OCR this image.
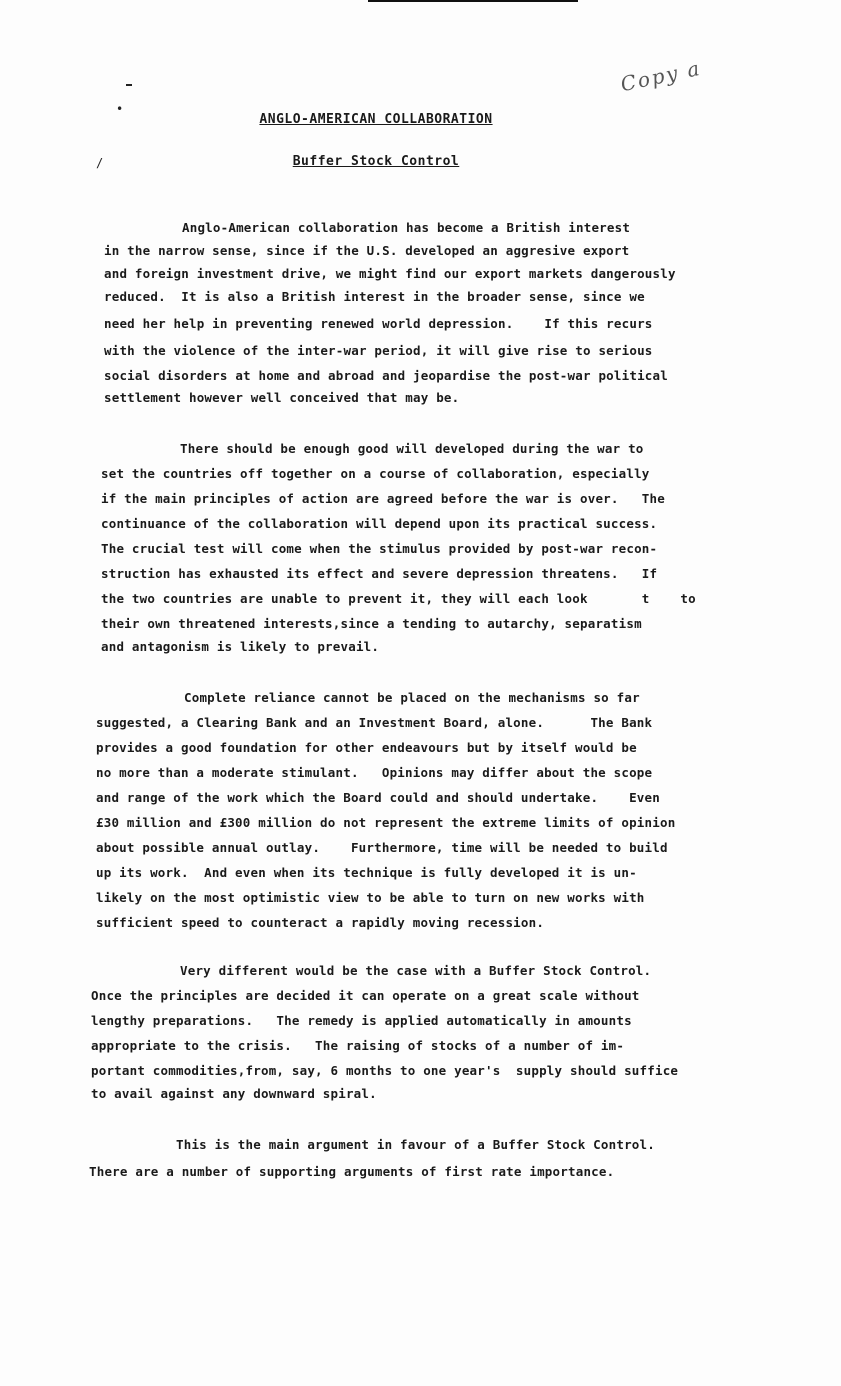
Copy a
•
/
ANGLO-AMERICAN COLLABORATION
Buffer Stock Control
Anglo-American collaboration has become a British interest
in the narrow sense, since if the U.S. developed an aggresive export
and foreign investment drive, we might find our export markets dangerously
reduced.  It is also a British interest in the broader sense, since we
need her help in preventing renewed world depression.    If this recurs
with the violence of the inter-war period, it will give rise to serious
social disorders at home and abroad and jeopardise the post-war political
settlement however well conceived that may be.
There should be enough good will developed during the war to
set the countries off together on a course of collaboration, especially
if the main principles of action are agreed before the war is over.   The
continuance of the collaboration will depend upon its practical success.
The crucial test will come when the stimulus provided by post-war recon-
struction has exhausted its effect and severe depression threatens.   If
the two countries are unable to prevent it, they will each look       t    to
their own threatened interests,since a tending to autarchy, separatism
and antagonism is likely to prevail.
Complete reliance cannot be placed on the mechanisms so far
suggested, a Clearing Bank and an Investment Board, alone.      The Bank
provides a good foundation for other endeavours but by itself would be
no more than a moderate stimulant.   Opinions may differ about the scope
and range of the work which the Board could and should undertake.    Even
£30 million and £300 million do not represent the extreme limits of opinion
about possible annual outlay.    Furthermore, time will be needed to build
up its work.  And even when its technique is fully developed it is un-
likely on the most optimistic view to be able to turn on new works with
sufficient speed to counteract a rapidly moving recession.
Very different would be the case with a Buffer Stock Control.
Once the principles are decided it can operate on a great scale without
lengthy preparations.   The remedy is applied automatically in amounts
appropriate to the crisis.   The raising of stocks of a number of im-
portant commodities,from, say, 6 months to one year's  supply should suffice
to avail against any downward spiral.
This is the main argument in favour of a Buffer Stock Control.
There are a number of supporting arguments of first rate importance.
